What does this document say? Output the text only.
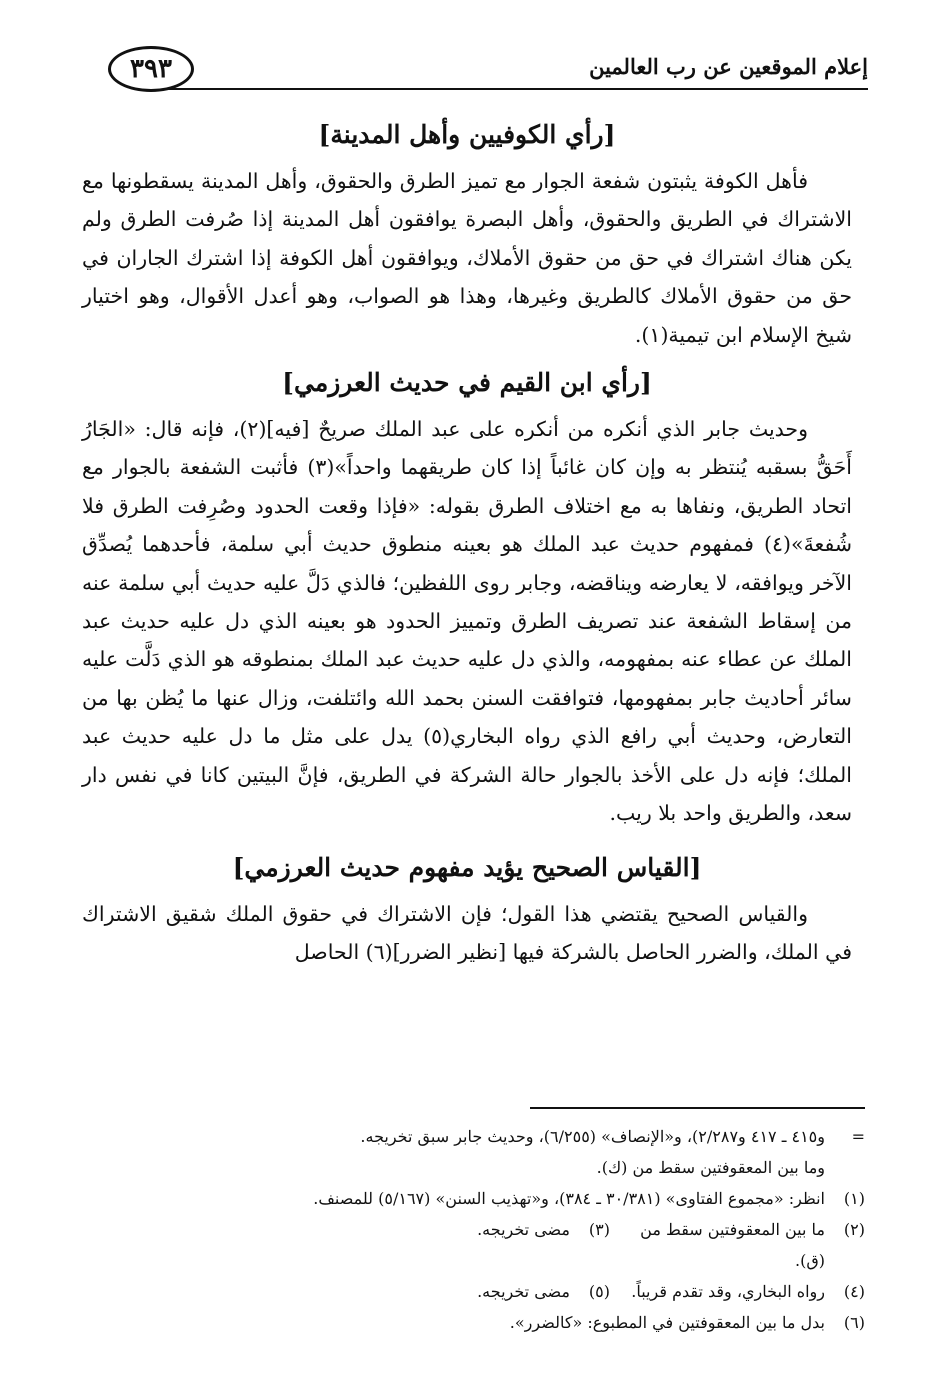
إعلام الموقعين عن رب العالمين
٣٩٣
[رأي الكوفيين وأهل المدينة]

فأهل الكوفة يثبتون شفعة الجوار مع تميز الطرق والحقوق، وأهل المدينة يسقطونها مع الاشتراك في الطريق والحقوق، وأهل البصرة يوافقون أهل المدينة إذا صُرفت الطرق ولم يكن هناك اشتراك في حق من حقوق الأملاك، ويوافقون أهل الكوفة إذا اشترك الجاران في حق من حقوق الأملاك كالطريق وغيرها، وهذا هو الصواب، وهو أعدل الأقوال، وهو اختيار شيخ الإسلام ابن تيمية(١).

[رأي ابن القيم في حديث العرزمي]

وحديث جابر الذي أنكره من أنكره على عبد الملك صريحٌ [فيه](٢)، فإنه قال: «الجَارُ أَحَقُّ بسقبه يُنتظر به وإن كان غائباً إذا كان طريقهما واحداً»(٣) فأثبت الشفعة بالجوار مع اتحاد الطريق، ونفاها به مع اختلاف الطرق بقوله: «فإذا وقعت الحدود وصُرِفت الطرق فلا شُفعةَ»(٤) فمفهوم حديث عبد الملك هو بعينه منطوق حديث أبي سلمة، فأحدهما يُصدِّق الآخر ويوافقه، لا يعارضه ويناقضه، وجابر روى اللفظين؛ فالذي دَلَّ عليه حديث أبي سلمة عنه من إسقاط الشفعة عند تصريف الطرق وتمييز الحدود هو بعينه الذي دل عليه حديث عبد الملك عن عطاء عنه بمفهومه، والذي دل عليه حديث عبد الملك بمنطوقه هو الذي دَلَّت عليه سائر أحاديث جابر بمفهومها، فتوافقت السنن بحمد الله وائتلفت، وزال عنها ما يُظن بها من التعارض، وحديث أبي رافع الذي رواه البخاري(٥) يدل على مثل ما دل عليه حديث عبد الملك؛ فإنه دل على الأخذ بالجوار حالة الشركة في الطريق، فإنَّ البيتين كانا في نفس دار سعد، والطريق واحد بلا ريب.

[القياس الصحيح يؤيد مفهوم حديث العرزمي]

والقياس الصحيح يقتضي هذا القول؛ فإن الاشتراك في حقوق الملك شقيق الاشتراك في الملك، والضرر الحاصل بالشركة فيها [نظير الضرر](٦) الحاصل

=
و٤١٥ ـ ٤١٧ و٢/٢٨٧)، و«الإنصاف» (٦/٢٥٥)، وحديث جابر سبق تخريجه.
وما بين المعقوفتين سقط من (ك).
(١)
انظر: «مجموع الفتاوى» (٣٠/٣٨١ ـ ٣٨٤)، و«تهذيب السنن» (٥/١٦٧) للمصنف.
(٢)
ما بين المعقوفتين سقط من (ق).
(٣)
مضى تخريجه.
(٤)
رواه البخاري، وقد تقدم قريباً.
(٥)
مضى تخريجه.
(٦)
بدل ما بين المعقوفتين في المطبوع: «كالضرر».
